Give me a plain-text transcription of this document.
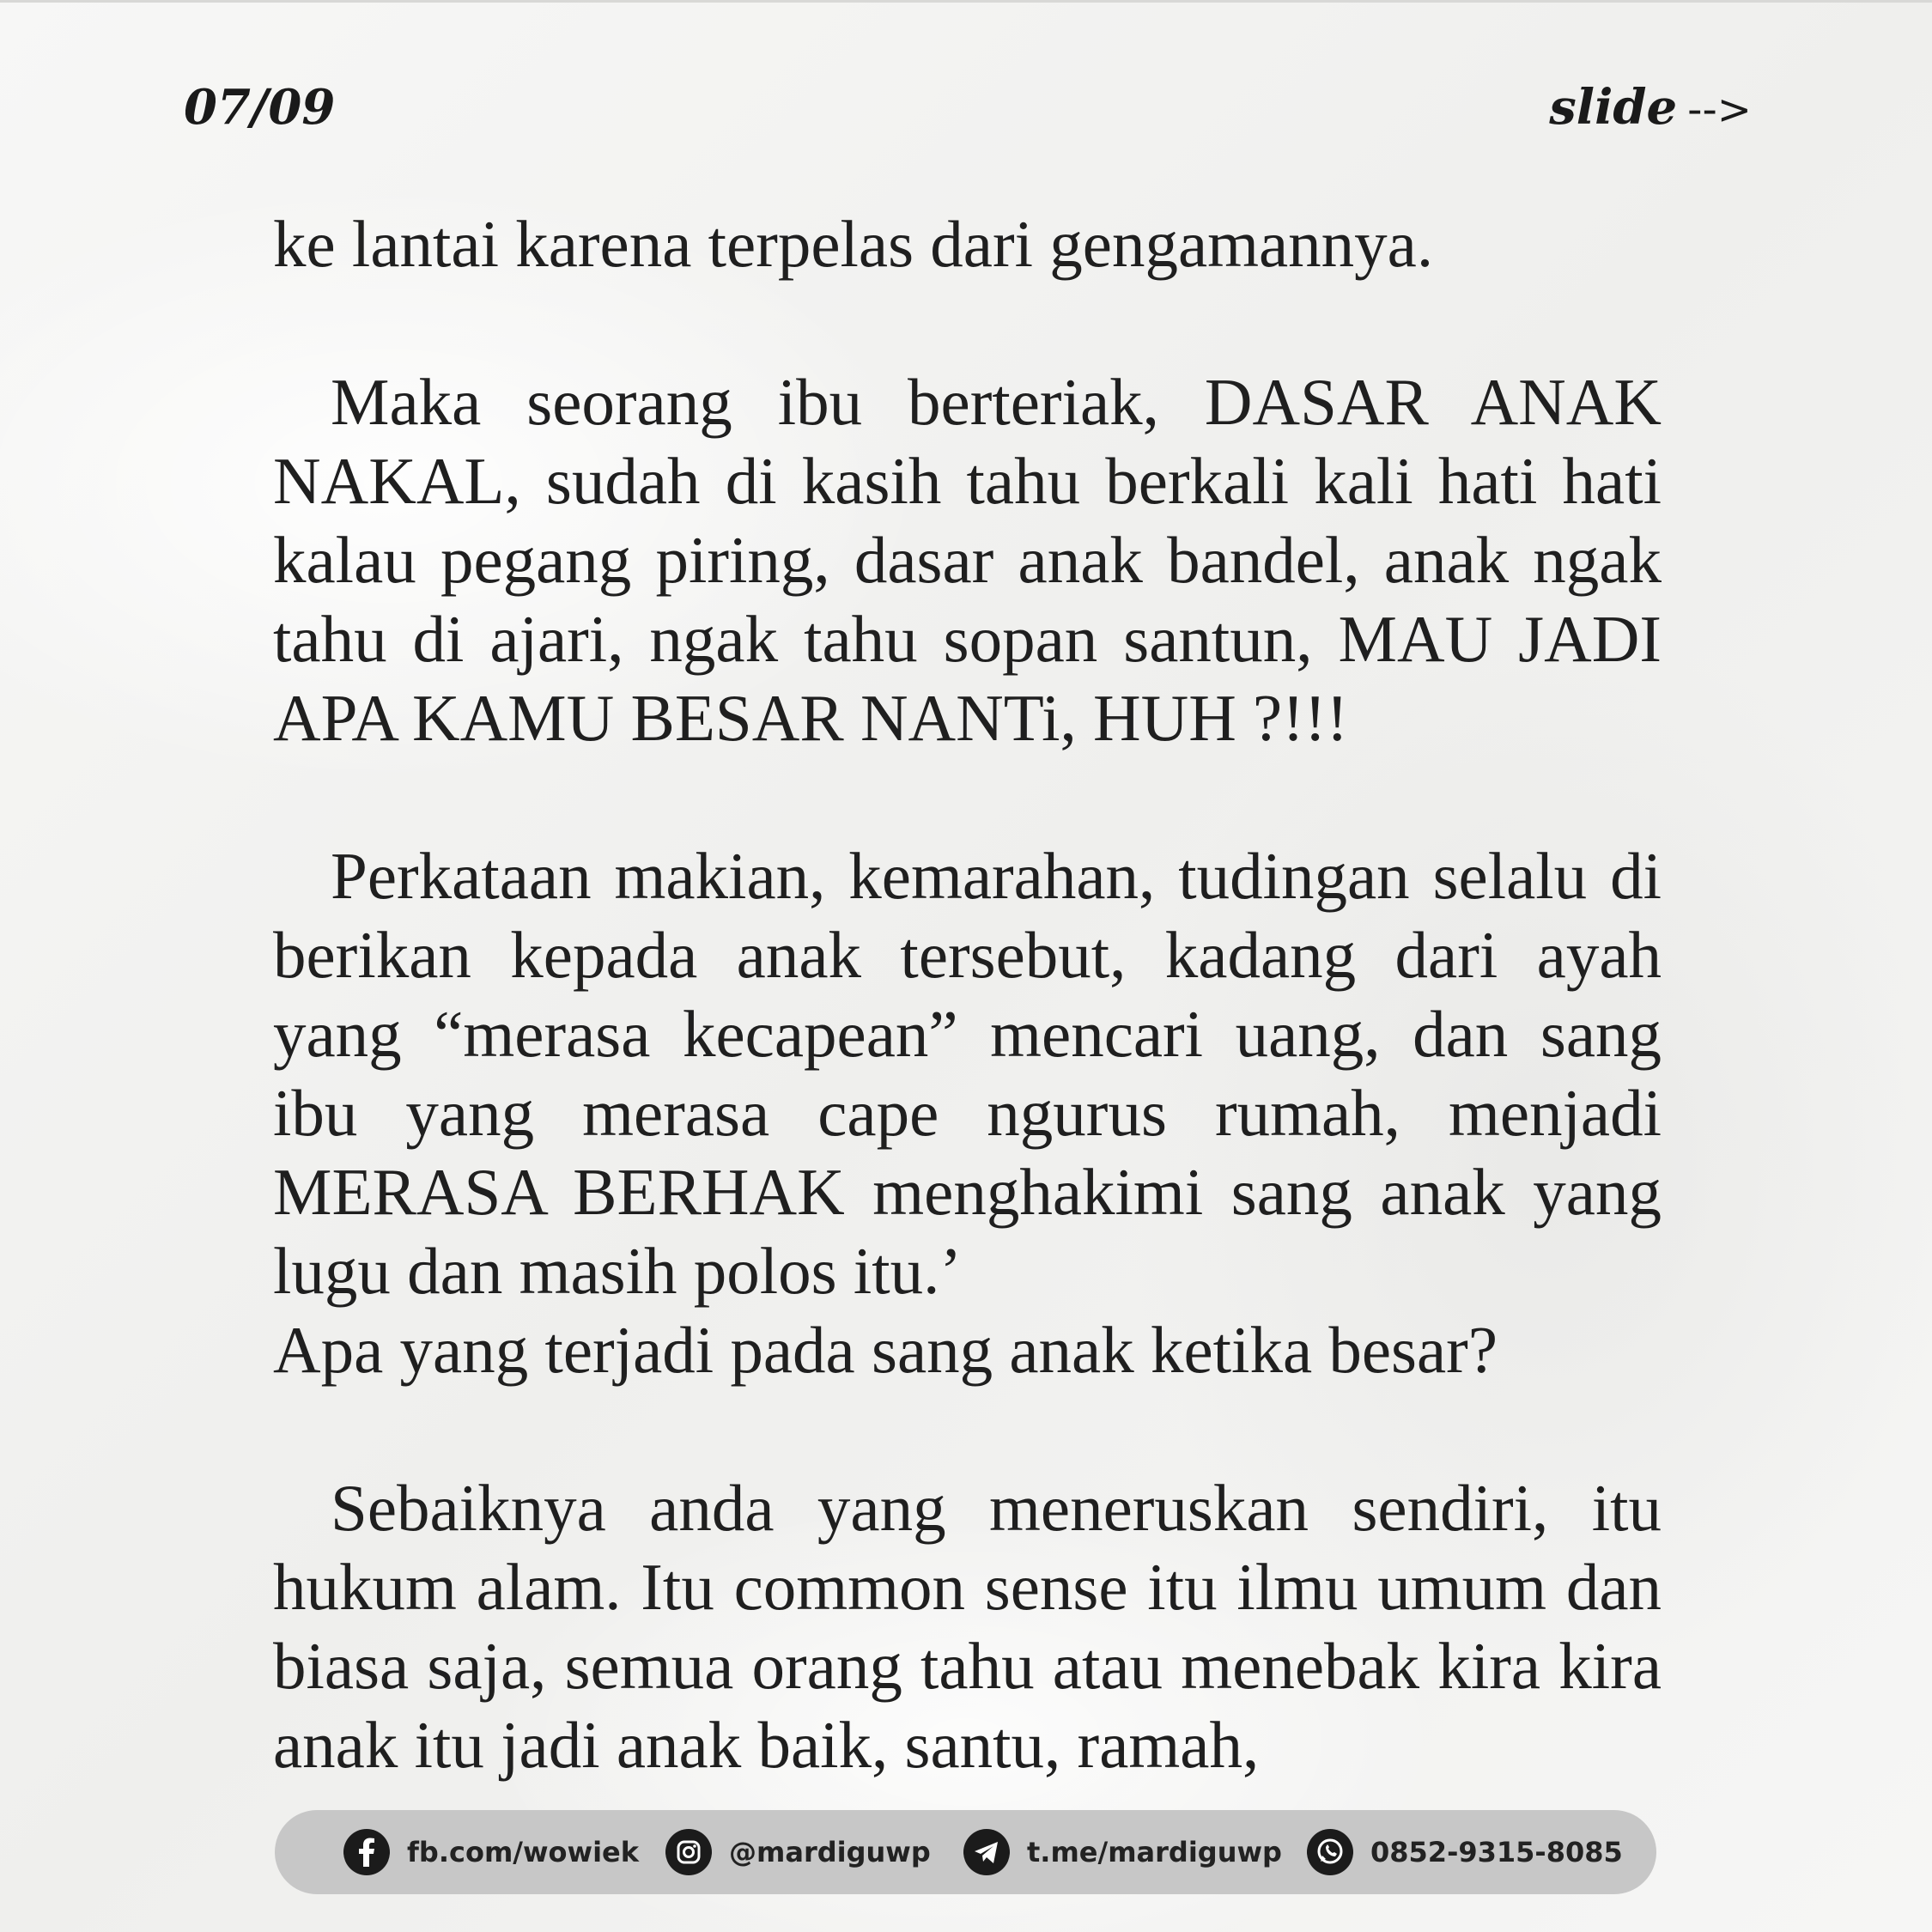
07/09	slide -->

ke lantai karena terpelas dari gengamannya.

Maka seorang ibu berteriak, DASAR ANAK NAKAL, sudah di kasih tahu berkali kali hati hati kalau pegang piring, dasar anak bandel, anak ngak tahu di ajari, ngak tahu sopan santun, MAU JADI APA KAMU BESAR NANTi, HUH ?!!!

Perkataan makian, kemarahan, tudingan selalu di berikan kepada anak tersebut, kadang dari ayah yang “merasa kecapean” mencari uang, dan sang ibu yang merasa cape ngurus rumah, menjadi MERASA BERHAK menghakimi sang anak yang lugu dan masih polos itu.’

Apa yang terjadi pada sang anak ketika besar?

Sebaiknya anda yang meneruskan sendiri, itu hukum alam. Itu common sense itu ilmu umum dan biasa saja, semua orang tahu atau menebak kira kira anak itu jadi anak baik, santu, ramah,

fb.com/wowiek	@mardiguwp	t.me/mardiguwp	0852-9315-8085
